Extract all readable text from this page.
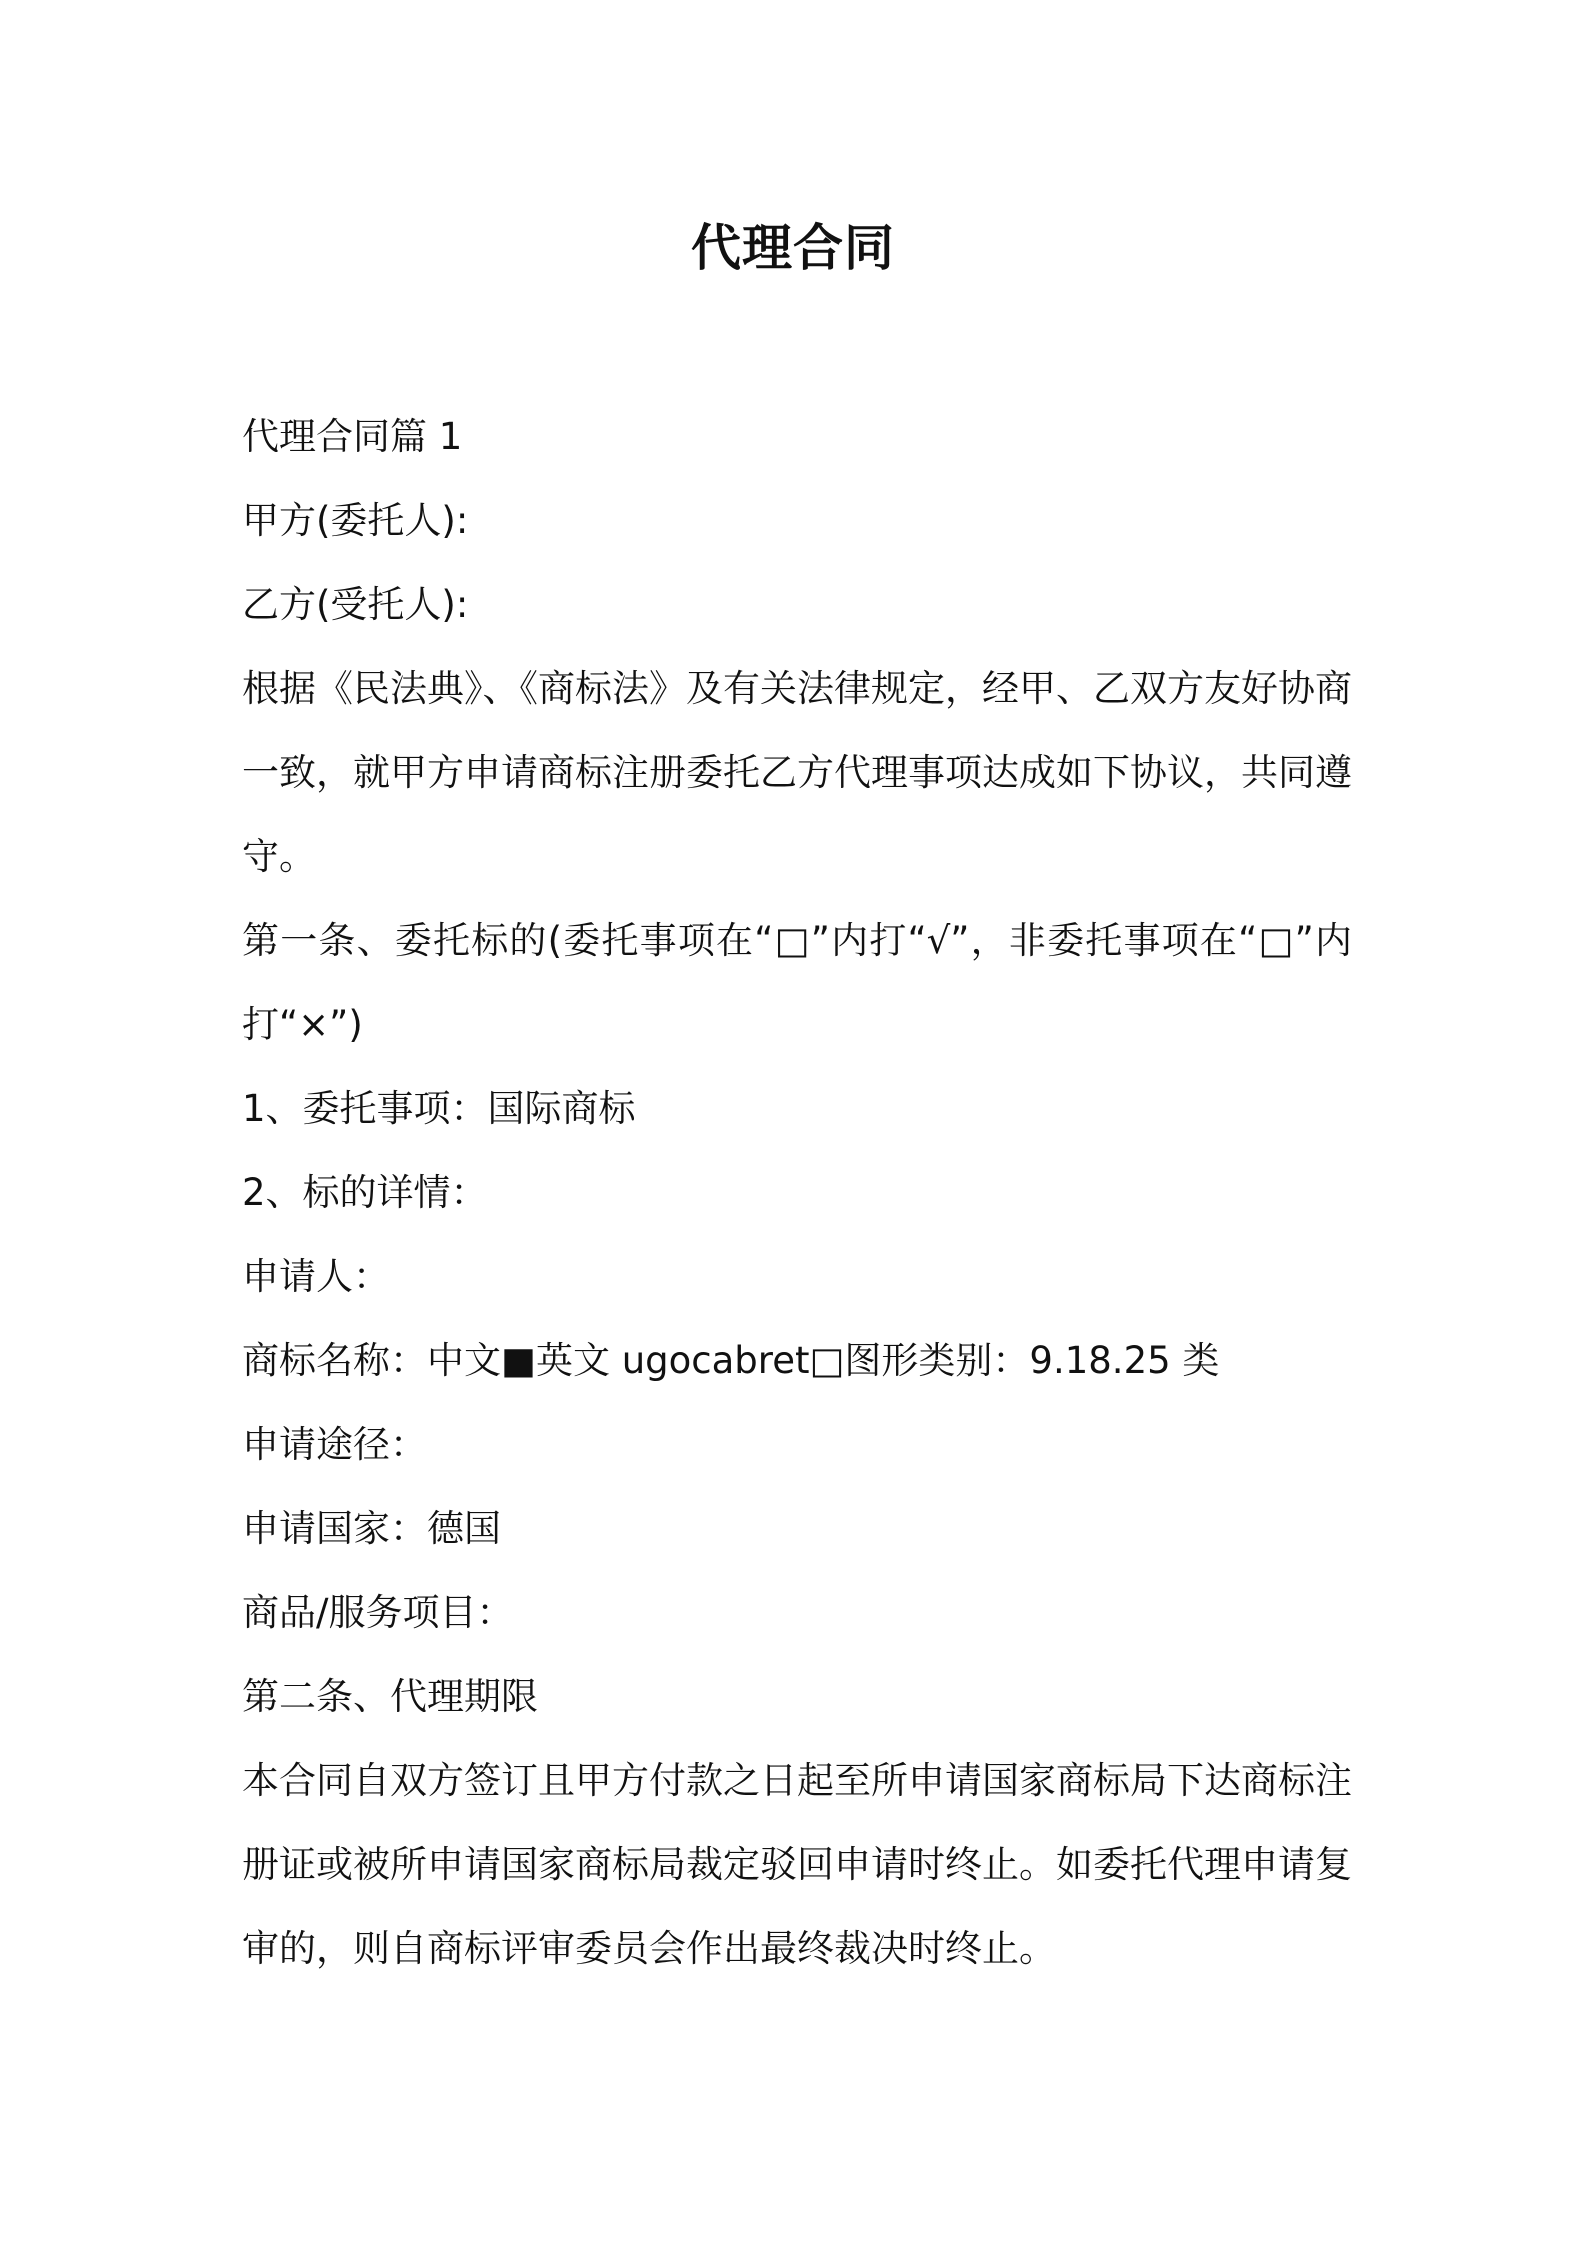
代理合同

代理合同篇 1

甲方(委托人):

乙方(受托人):

根据《民法典》、《商标法》及有关法律规定，经甲、乙双方友好协商一致，就甲方申请商标注册委托乙方代理事项达成如下协议，共同遵守。

第一条、委托标的(委托事项在“□”内打“√”，非委托事项在“□”内打“×”)

1、委托事项：国际商标

2、标的详情：

申请人：

商标名称：中文■英文 ugocabret□图形类别：9.18.25 类

申请途径：

申请国家：德国

商品/服务项目：

第二条、代理期限

本合同自双方签订且甲方付款之日起至所申请国家商标局下达商标注册证或被所申请国家商标局裁定驳回申请时终止。如委托代理申请复审的，则自商标评审委员会作出最终裁决时终止。
